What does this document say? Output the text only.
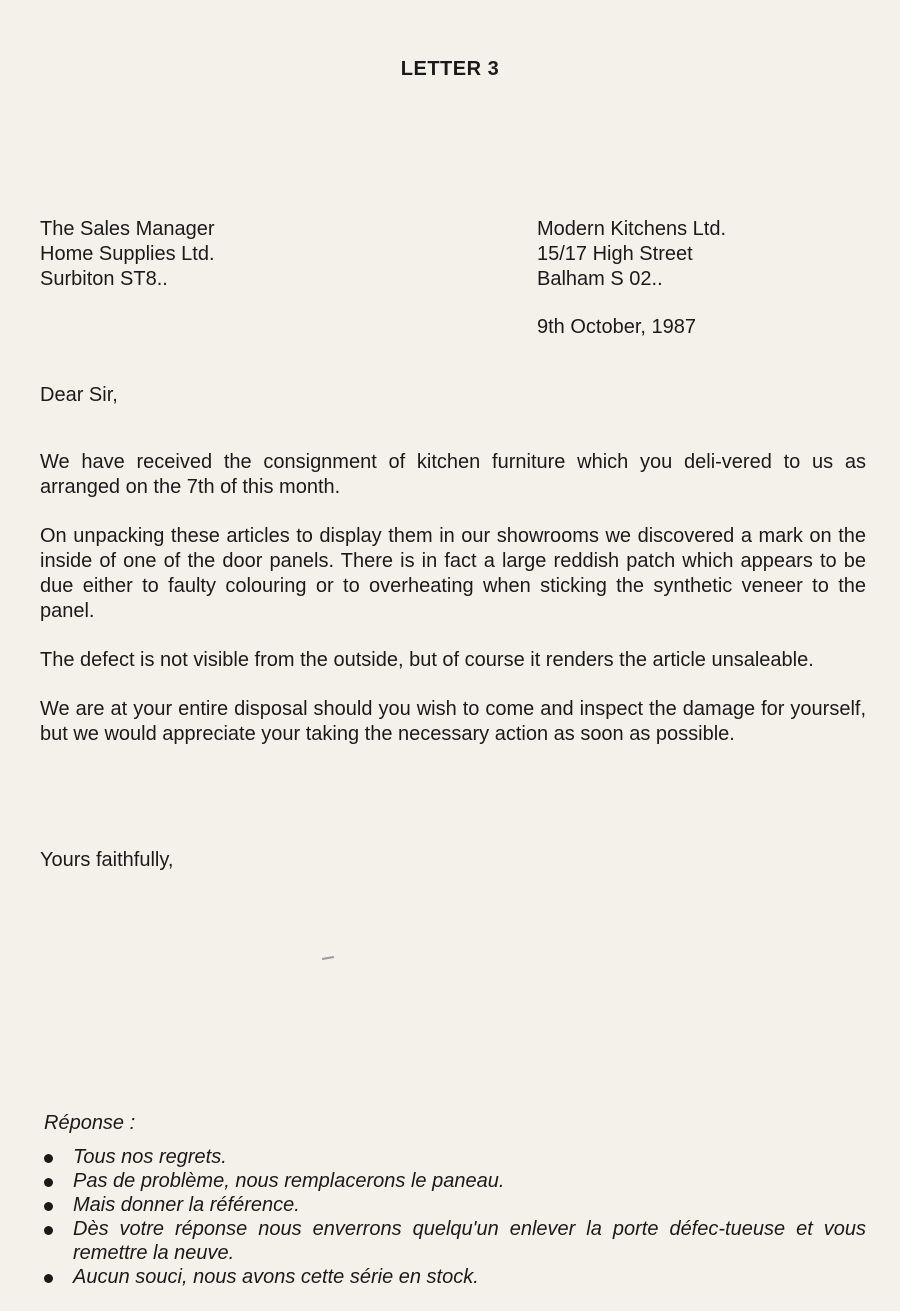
LETTER 3
The Sales Manager
Home Supplies Ltd.
Surbiton ST8..
Modern Kitchens Ltd.
15/17 High Street
Balham S 02..
9th October, 1987
Dear Sir,

We have received the consignment of kitchen furniture which you deli-vered to us as arranged on the 7th of this month.

On unpacking these articles to display them in our showrooms we discovered a mark on the inside of one of the door panels. There is in fact a large reddish patch which appears to be due either to faulty colouring or to overheating when sticking the synthetic veneer to the panel.

The defect is not visible from the outside, but of course it renders the article unsaleable.

We are at your entire disposal should you wish to come and inspect the damage for yourself, but we would appreciate your taking the necessary action as soon as possible.

Yours faithfully,
Réponse :
Tous nos regrets.
Pas de problème, nous remplacerons le paneau.
Mais donner la référence.
Dès votre réponse nous enverrons quelqu'un enlever la porte défec-tueuse et vous remettre la neuve.
Aucun souci, nous avons cette série en stock.
